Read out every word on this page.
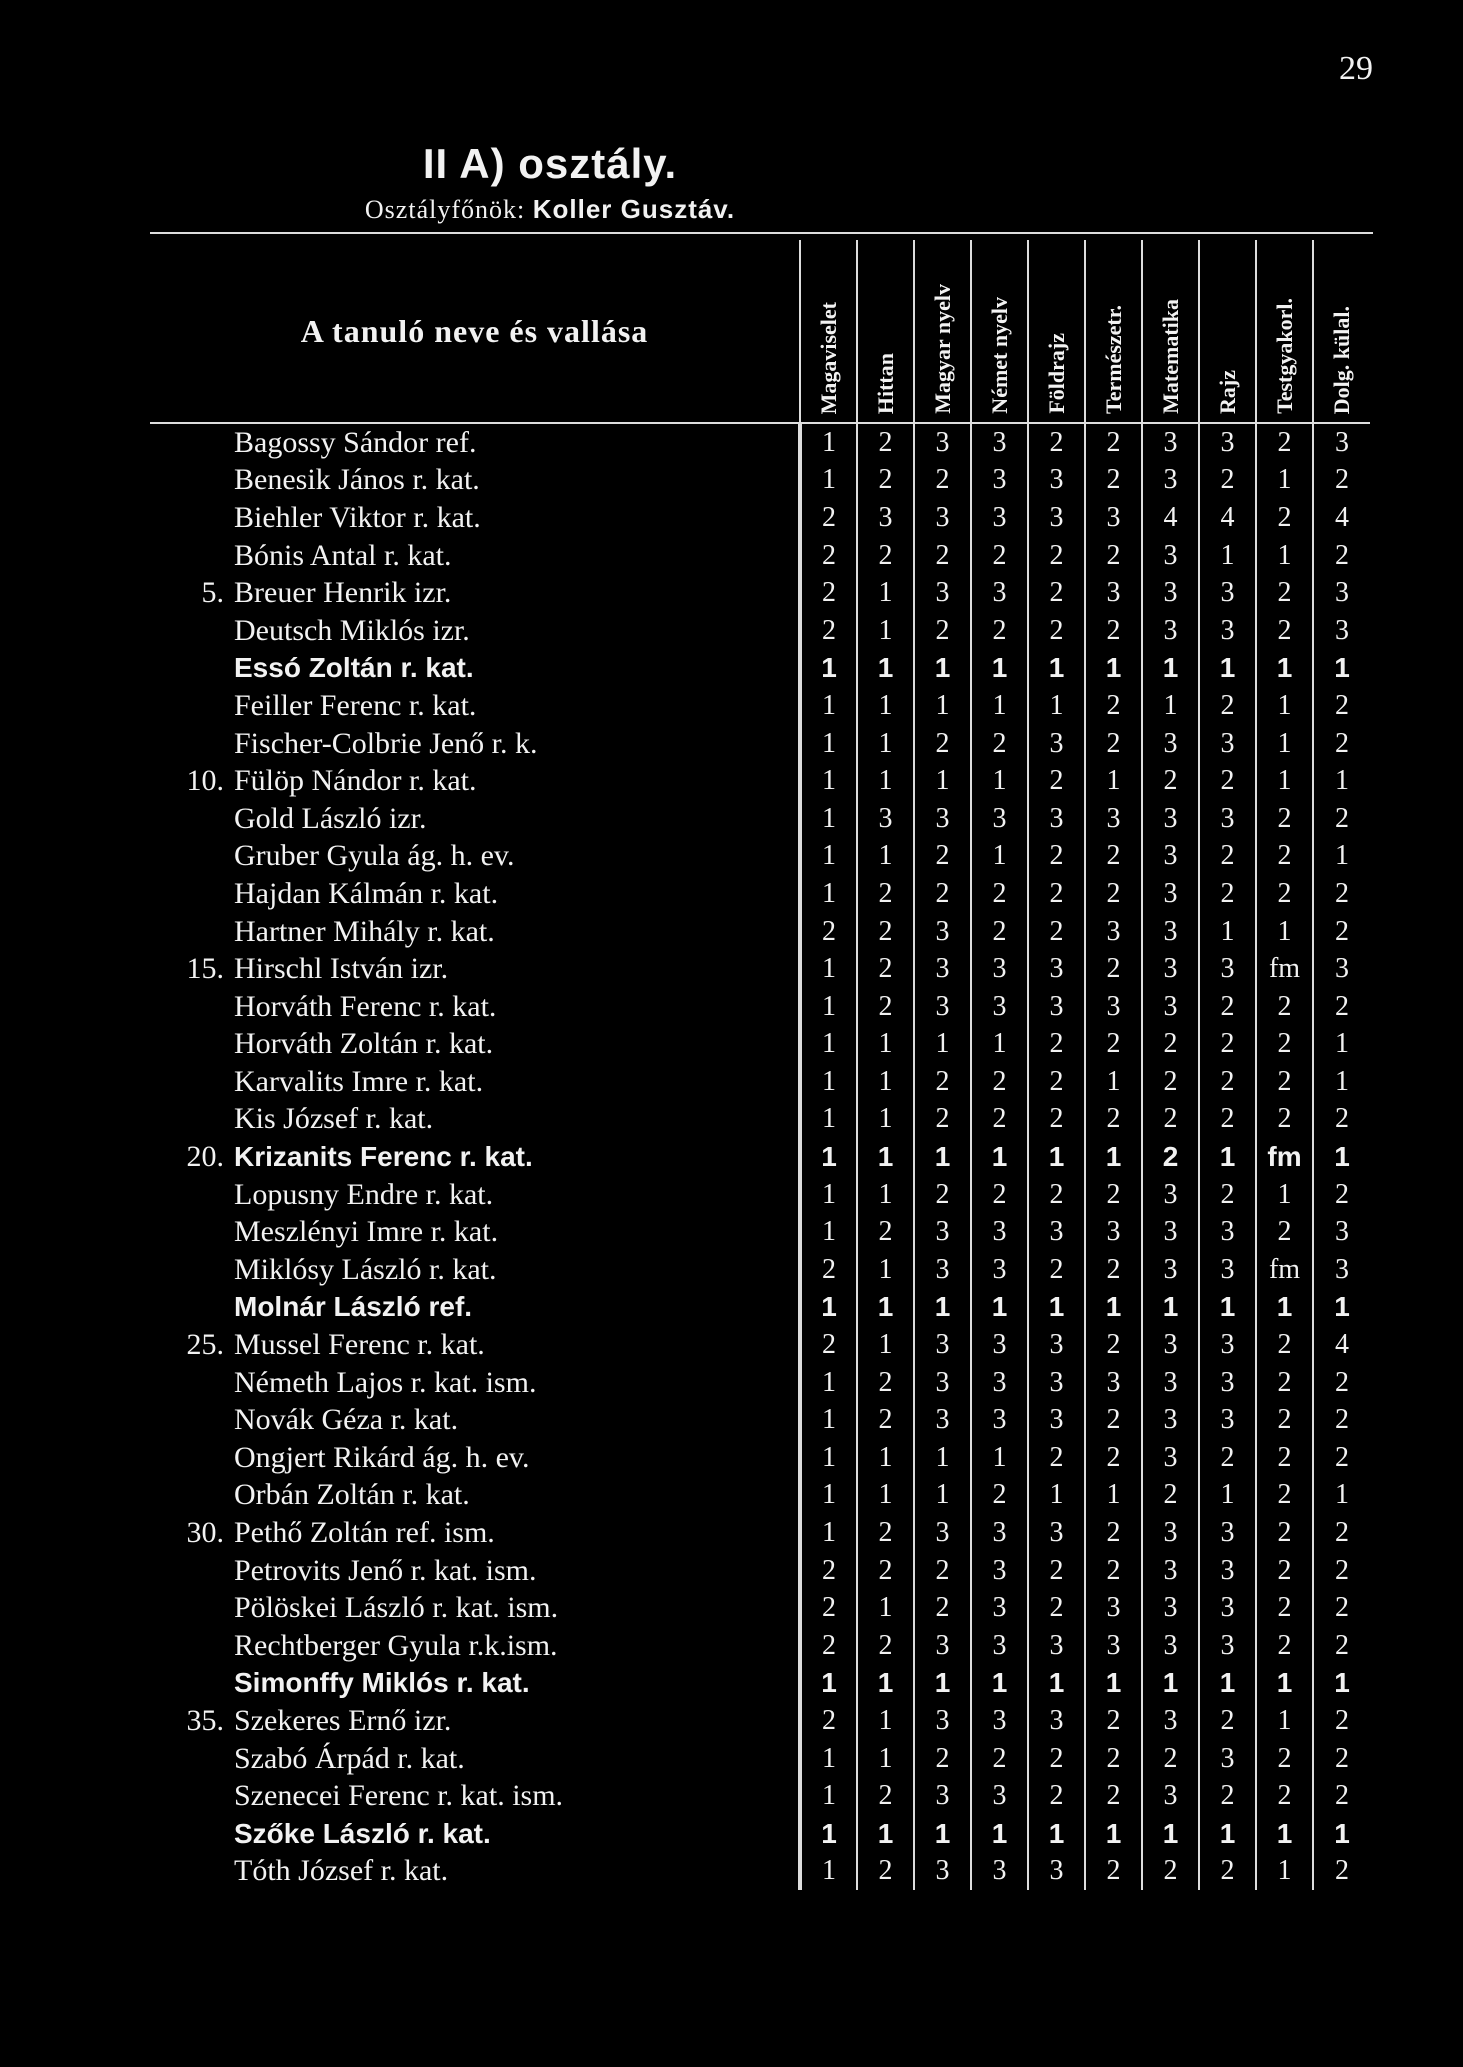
29
II A) osztály.
Osztályfőnök: Koller Gusztáv.
A tanuló neve és vallása	Magaviselet	Hittan	Magyar nyelv	Német nyelv	Földrajz	Természetr.	Matematika	Rajz	Testgyakorl.	Dolg. külal.

Bagossy Sándor ref.	1	2	3	3	2	2	3	3	2	3
Benesik János r. kat.	1	2	2	3	3	2	3	2	1	2
Biehler Viktor r. kat.	2	3	3	3	3	3	4	4	2	4
Bónis Antal r. kat.	2	2	2	2	2	2	3	1	1	2
5. Breuer Henrik izr.	2	1	3	3	2	3	3	3	2	3
Deutsch Miklós izr.	2	1	2	2	2	2	3	3	2	3
Essó Zoltán r. kat.	1	1	1	1	1	1	1	1	1	1
Feiller Ferenc r. kat.	1	1	1	1	1	2	1	2	1	2
Fischer-Colbrie Jenő r. k.	1	1	2	2	3	2	3	3	1	2
10. Fülöp Nándor r. kat.	1	1	1	1	2	1	2	2	1	1
Gold László izr.	1	3	3	3	3	3	3	3	2	2
Gruber Gyula ág. h. ev.	1	1	2	1	2	2	3	2	2	1
Hajdan Kálmán r. kat.	1	2	2	2	2	2	3	2	2	2
Hartner Mihály r. kat.	2	2	3	2	2	3	3	1	1	2
15. Hirschl István izr.	1	2	3	3	3	2	3	3	fm	3
Horváth Ferenc r. kat.	1	2	3	3	3	3	3	2	2	2
Horváth Zoltán r. kat.	1	1	1	1	2	2	2	2	2	1
Karvalits Imre r. kat.	1	1	2	2	2	1	2	2	2	1
Kis József r. kat.	1	1	2	2	2	2	2	2	2	2
20. Krizanits Ferenc r. kat.	1	1	1	1	1	1	2	1	fm	1
Lopusny Endre r. kat.	1	1	2	2	2	2	3	2	1	2
Meszlényi Imre r. kat.	1	2	3	3	3	3	3	3	2	3
Miklósy László r. kat.	2	1	3	3	2	2	3	3	fm	3
Molnár László ref.	1	1	1	1	1	1	1	1	1	1
25. Mussel Ferenc r. kat.	2	1	3	3	3	2	3	3	2	4
Németh Lajos r. kat. ism.	1	2	3	3	3	3	3	3	2	2
Novák Géza r. kat.	1	2	3	3	3	2	3	3	2	2
Ongjert Rikárd ág. h. ev.	1	1	1	1	2	2	3	2	2	2
Orbán Zoltán r. kat.	1	1	1	2	1	1	2	1	2	1
30. Pethő Zoltán ref. ism.	1	2	3	3	3	2	3	3	2	2
Petrovits Jenő r. kat. ism.	2	2	2	3	2	2	3	3	2	2
Pölöskei László r. kat. ism.	2	1	2	3	2	3	3	3	2	2
Rechtberger Gyula r.k.ism.	2	2	3	3	3	3	3	3	2	2
Simonffy Miklós r. kat.	1	1	1	1	1	1	1	1	1	1
35. Szekeres Ernő izr.	2	1	3	3	3	2	3	2	1	2
Szabó Árpád r. kat.	1	1	2	2	2	2	2	3	2	2
Szenecei Ferenc r. kat. ism.	1	2	3	3	2	2	3	2	2	2
Szőke László r. kat.	1	1	1	1	1	1	1	1	1	1
Tóth József r. kat.	1	2	3	3	3	2	2	2	1	2
